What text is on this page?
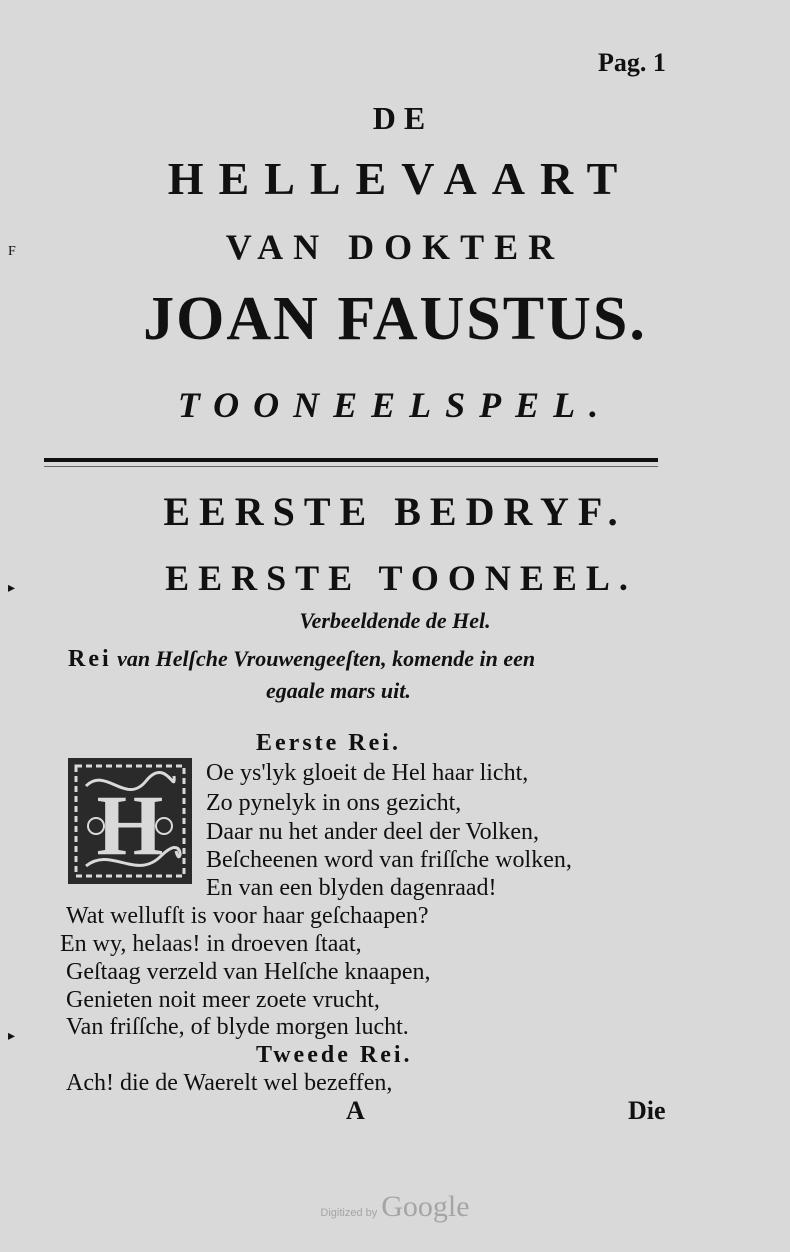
Pag. 1
F
▸
▸
DE
HELLEVAART
VAN DOKTER
JOAN FAUSTUS.
TOONEELSPEL.
EERSTE BEDRYF.
EERSTE TOONEEL.
Verbeeldende de Hel.
Rei van Helſche Vrouwengeeſten, komende in een
egaale mars uit.
Eerste Rei.
H
Oe ys'lyk gloeit de Hel haar licht,
Zo pynelyk in ons gezicht,
Daar nu het ander deel der Volken,
Beſcheenen word van friſſche wolken,
En van een blyden dagenraad!
Wat wellufſt is voor haar geſchaapen?
En wy, helaas! in droeven ſtaat,
Geſtaag verzeld van Helſche knaapen,
Genieten noit meer zoete vrucht,
Van friſſche, of blyde morgen lucht.
Tweede Rei.
Ach! die de Waerelt wel bezeffen,
A	Die
Digitized by Google
